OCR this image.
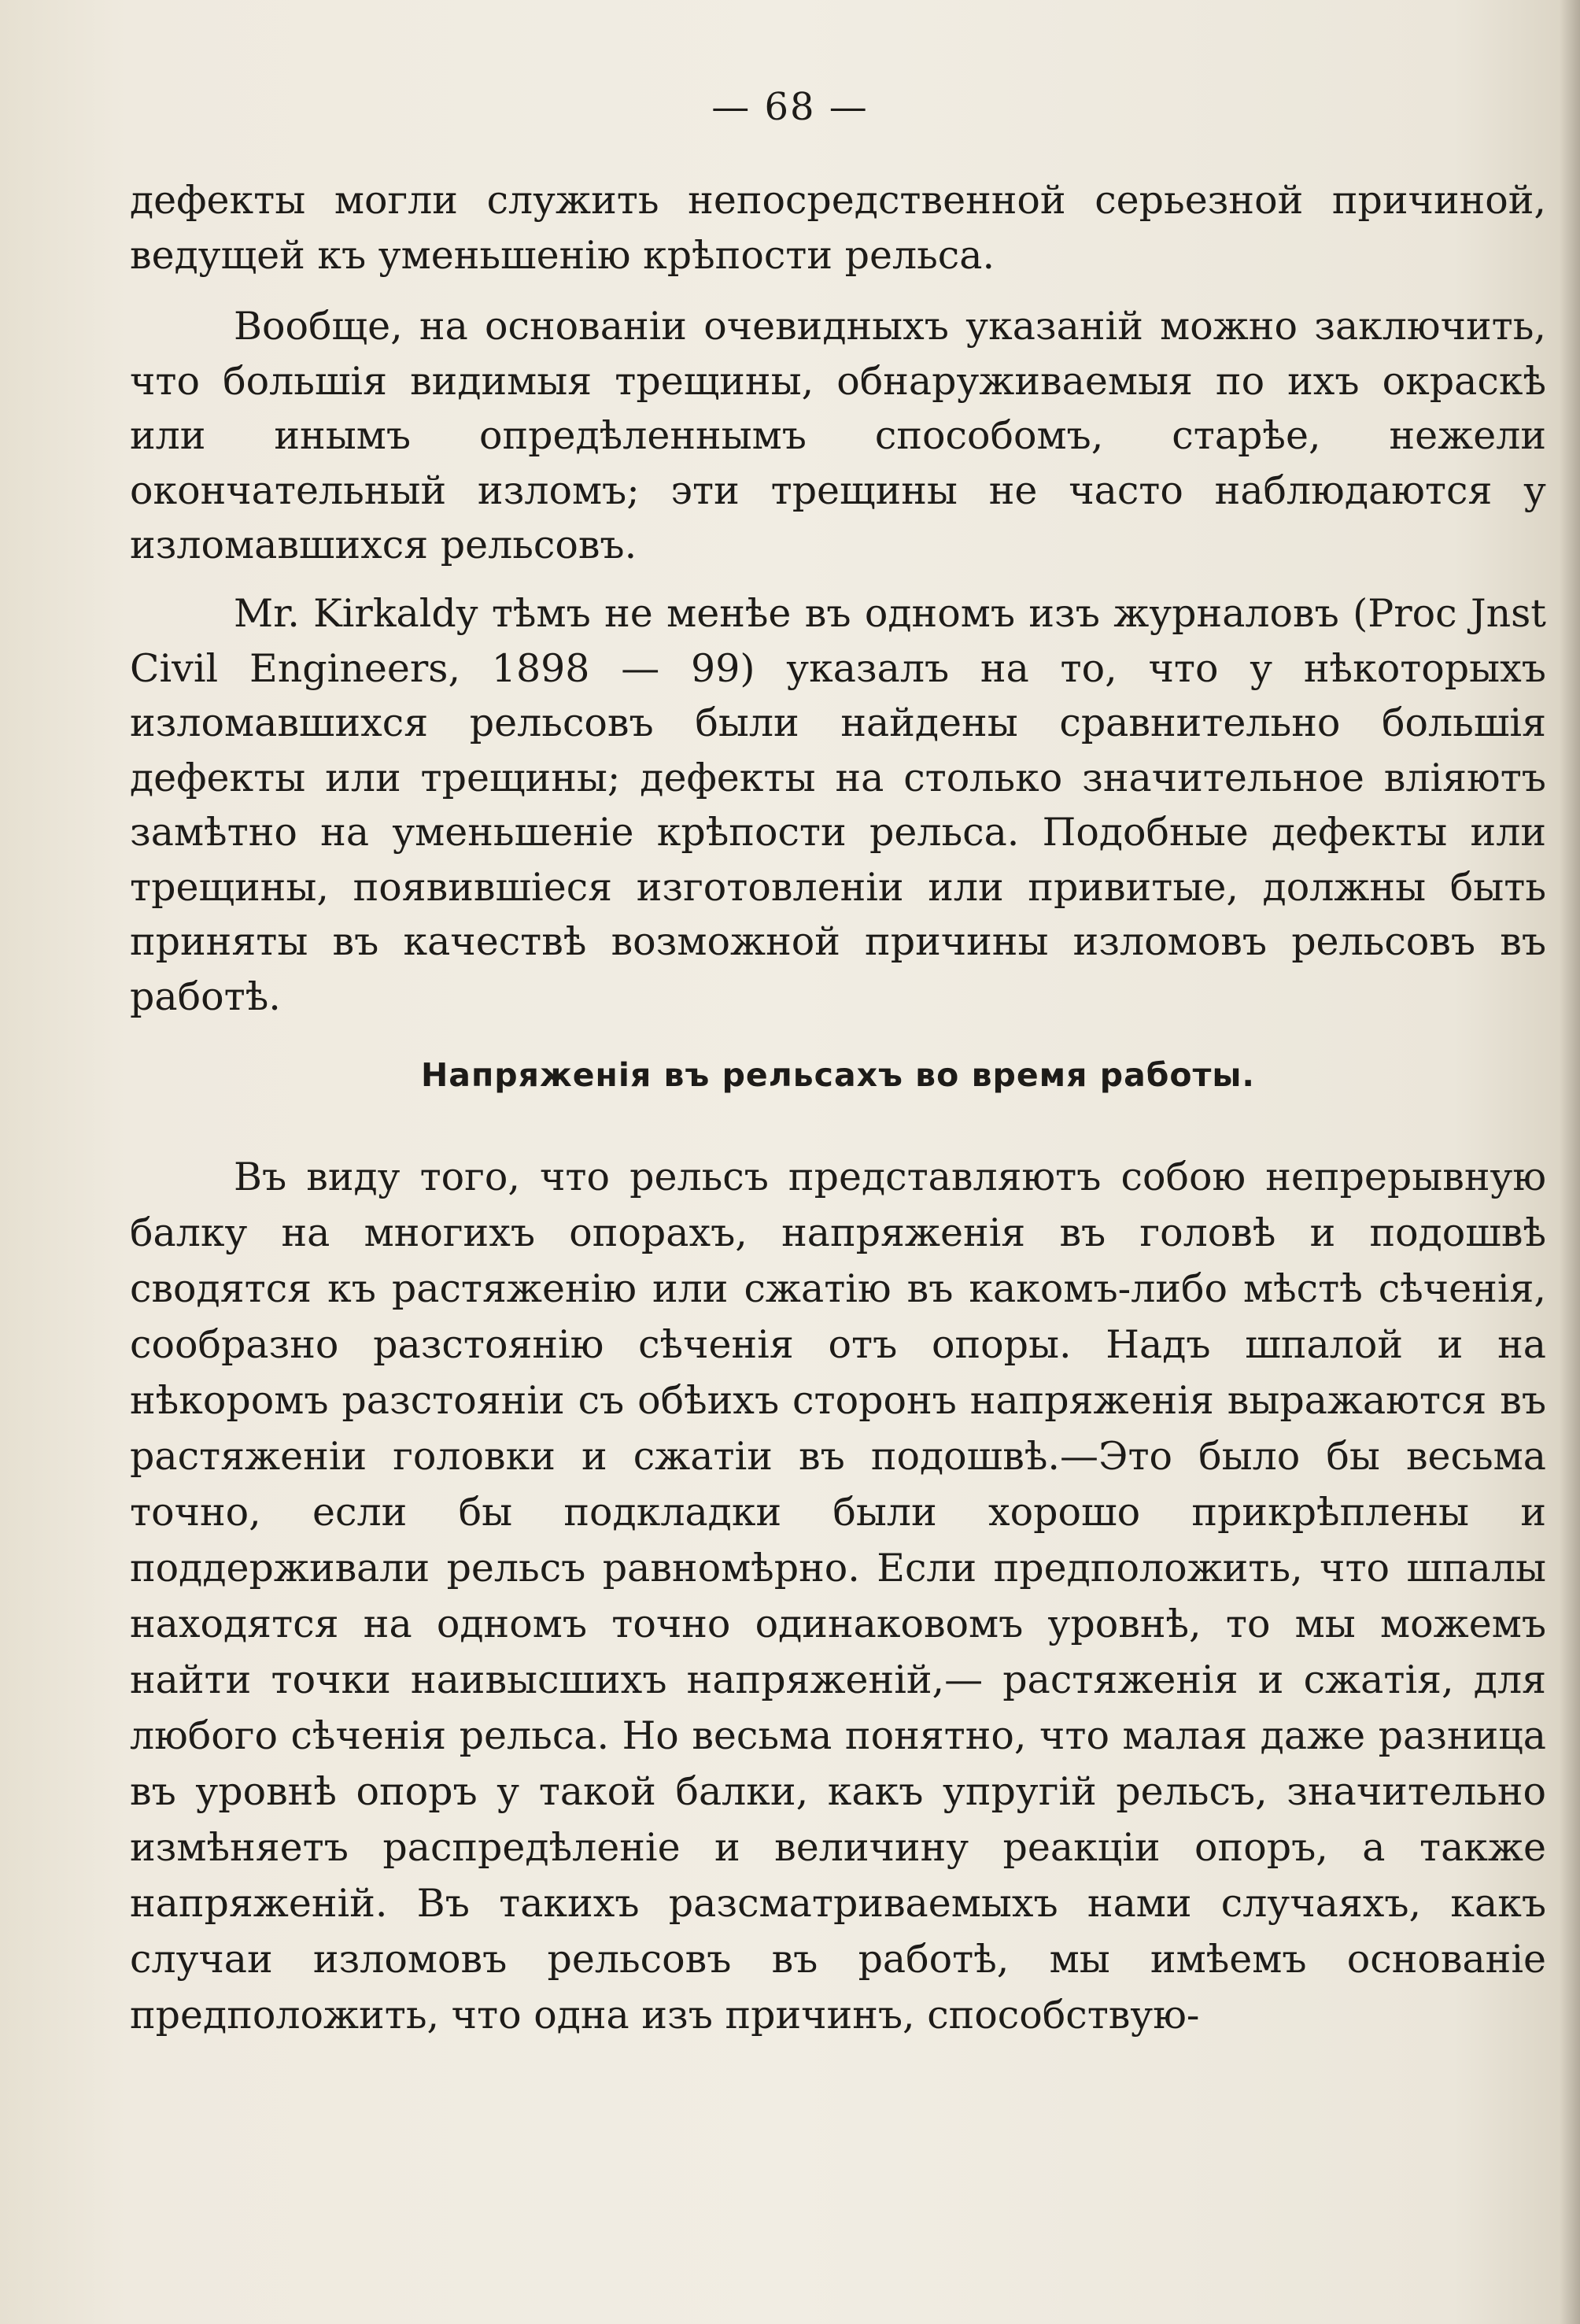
— 68 —

дефекты могли служить непосредственной серьезной причиной, ведущей къ уменьшенію крѣпости рельса.

Вообще, на основаніи очевидныхъ указаній можно заключить, что большія видимыя трещины, обнаруживаемыя по ихъ окраскѣ или инымъ опредѣленнымъ способомъ, старѣе, нежели окончательный изломъ; эти трещины не часто наблюдаются у изломавшихся рельсовъ.

Mr. Kirkaldy тѣмъ не менѣе въ одномъ изъ журналовъ (Proc Jnst Civil Engineers, 1898 — 99) указалъ на то, что у нѣкоторыхъ изломавшихся рельсовъ были найдены сравнительно большія дефекты или трещины; дефекты на столько значительное вліяютъ замѣтно на уменьшеніе крѣпости рельса. Подобные дефекты или трещины, появившіеся изготовленіи или привитые, должны быть приняты въ качествѣ возможной причины изломовъ рельсовъ въ работѣ.

Напряженія въ рельсахъ во время работы.

Въ виду того, что рельсъ представляютъ собою непрерывную балку на многихъ опорахъ, напряженія въ головѣ и подошвѣ сводятся къ растяженію или сжатію въ какомъ-либо мѣстѣ сѣченія, сообразно разстоянію сѣченія отъ опоры. Надъ шпалой и на нѣкоромъ разстояніи съ обѣихъ сторонъ напряженія выражаются въ растяженіи головки и сжатіи въ подошвѣ.—Это было бы весьма точно, если бы подкладки были хорошо прикрѣплены и поддерживали рельсъ равномѣрно. Если предположить, что шпалы находятся на одномъ точно одинаковомъ уровнѣ, то мы можемъ найти точки наивысшихъ напряженій,— растяженія и сжатія, для любого сѣченія рельса. Но весьма понятно, что малая даже разница въ уровнѣ опоръ у такой балки, какъ упругій рельсъ, значительно измѣняетъ распредѣленіе и величину реакціи опоръ, а также напряженій. Въ такихъ разсматриваемыхъ нами случаяхъ, какъ случаи изломовъ рельсовъ въ работѣ, мы имѣемъ основаніе предположить, что одна изъ причинъ, способствую-
